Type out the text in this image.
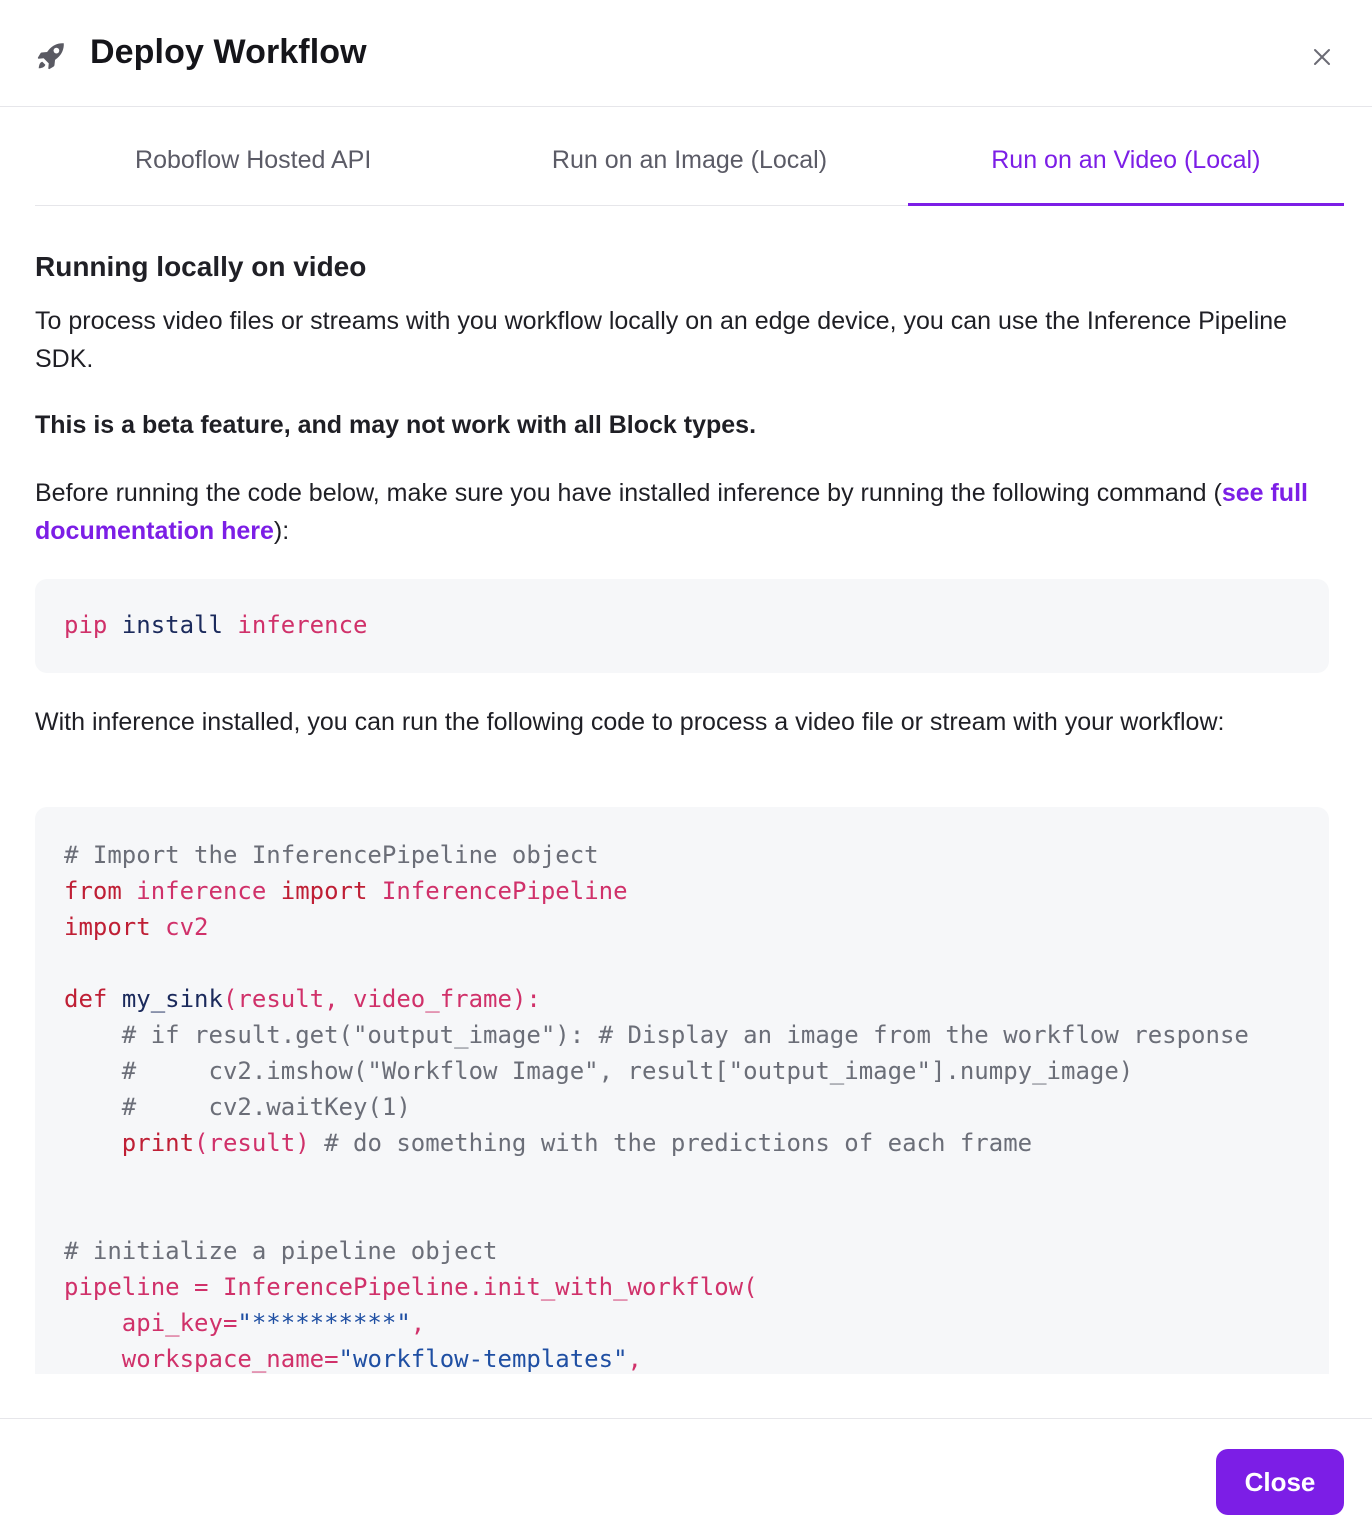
Deploy Workflow
Roboflow Hosted API	Run on an Image (Local)	Run on an Video (Local)
Running locally on video
To process video files or streams with you workflow locally on an edge device, you can use the Inference Pipeline SDK.
This is a beta feature, and may not work with all Block types.
Before running the code below, make sure you have installed inference by running the following command (see full documentation here):
pip install inference
With inference installed, you can run the following code to process a video file or stream with your workflow:
# Import the InferencePipeline object
from inference import InferencePipeline
import cv2

def my_sink(result, video_frame):
# if result.get("output_image"): # Display an image from the workflow response
#     cv2.imshow("Workflow Image", result["output_image"].numpy_image)
#     cv2.waitKey(1)
print(result) # do something with the predictions of each frame

# initialize a pipeline object
pipeline = InferencePipeline.init_with_workflow(
api_key="**********",
workspace_name="workflow-templates",
Close
